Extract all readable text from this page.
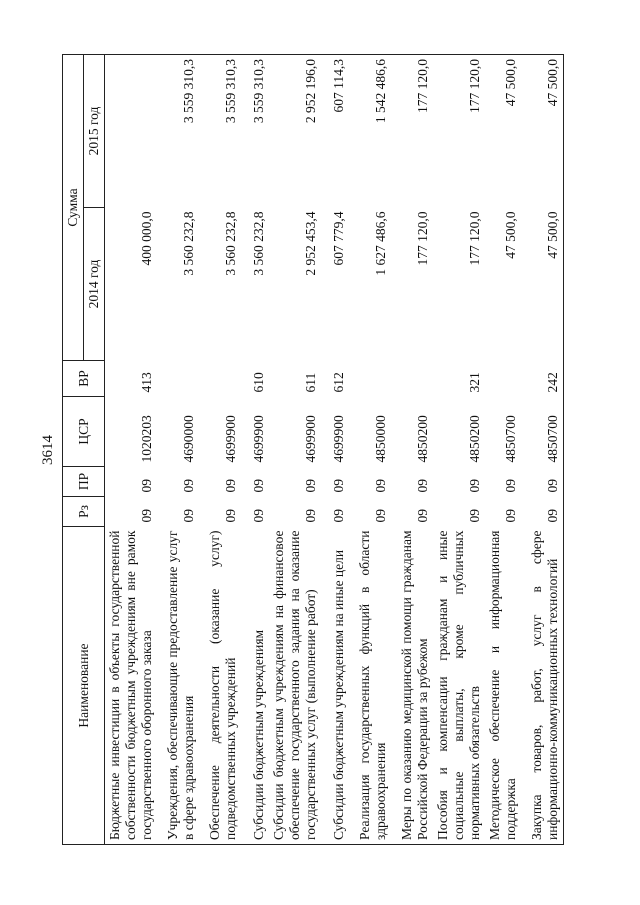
3614
Наименование	Рз	ПР	ЦСР	ВР	Сумма	
					2014 год	2015 год
Бюджетные инвестиции в объекты государственной собственности бюджетным учреждениям вне рамок государственного оборонного заказа	09	09	1020203	413	400 000,0	
Учреждения, обеспечивающие предоставление услуг в сфере здравоохранения	09	09	4690000		3 560 232,8	3 559 310,3
Обеспечение деятельности (оказание услуг) подведомственных учреждений	09	09	4699900		3 560 232,8	3 559 310,3
Субсидии бюджетным учреждениям	09	09	4699900	610	3 560 232,8	3 559 310,3
Субсидии бюджетным учреждениям на финансовое обеспечение государственного задания на оказание государственных услуг (выполнение работ)	09	09	4699900	611	2 952 453,4	2 952 196,0
Субсидии бюджетным учреждениям на иные цели	09	09	4699900	612	607 779,4	607 114,3
Реализация государственных функций в области здравоохранения	09	09	4850000		1 627 486,6	1 542 486,6
Меры по оказанию медицинской помощи гражданам Российской Федерации за рубежом	09	09	4850200		177 120,0	177 120,0
Пособия и компенсации гражданам и иные социальные выплаты, кроме публичных нормативных обязательств	09	09	4850200	321	177 120,0	177 120,0
Методическое обеспечение и информационная поддержка	09	09	4850700		47 500,0	47 500,0
Закупка товаров, работ, услуг в сфере информационно-коммуникационных технологий	09	09	4850700	242	47 500,0	47 500,0
